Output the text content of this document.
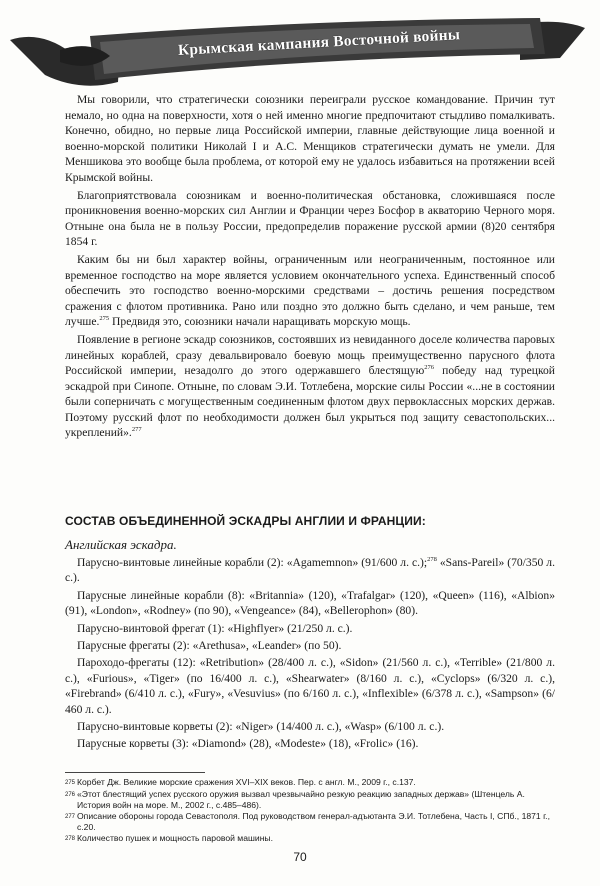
Крымская кампания Восточной войны

Мы говорили, что стратегически союзники переиграли русское командование. Причин тут немало, но одна на поверхности, хотя о ней именно многие предпочитают стыдливо помалкивать. Конечно, обидно, но первые лица Российской империи, главные действующие лица военной и военно-морской политики Николай I и А.С. Менщиков стратегически думать не умели. Для Меншикова это вообще была проблема, от которой ему не удалось избавиться на протяжении всей Крымской войны.

Благоприятствовала союзникам и военно-политическая обстановка, сложившаяся после проникновения военно-морских сил Англии и Франции через Босфор в акваторию Черного моря. Отныне она была не в пользу России, предопределив поражение русской армии (8)20 сентября 1854 г.

Каким бы ни был характер войны, ограниченным или неограниченным, постоянное или временное господство на море является условием окончательного успеха. Единственный способ обеспечить это господство военно-морскими средствами – достичь решения посредством сражения с флотом противника. Рано или поздно это должно быть сделано, и чем раньше, тем лучше.$^{275}$ Предвидя это, союзники начали наращивать морскую мощь.

Появление в регионе эскадр союзников, состоявших из невиданного доселе количества паровых линейных кораблей, сразу девальвировало боевую мощь преимущественно парусного флота Российской империи, незадолго до этого одержавшего блестящую$^{276}$ победу над турецкой эскадрой при Синопе. Отныне, по словам Э.И. Тотлебена, морские силы России «...не в состоянии были соперничать с могущественным соединенным флотом двух первоклассных морских держав. Поэтому русский флот по необходимости должен был укрыться под защиту севастопольских... укреплений».$^{277}$

СОСТАВ ОБЪЕДИНЕННОЙ ЭСКАДРЫ АНГЛИИ И ФРАНЦИИ:
Английская эскадра.

Парусно-винтовые линейные корабли (2): «Agamemnon» (91/600 л. с.);$^{278}$ «Sans-Pareil» (70/350 л. с.).

Парусные линейные корабли (8): «Britannia» (120), «Trafalgar» (120), «Queen» (116), «Albion» (91), «London», «Rodney» (по 90), «Vengeance» (84), «Bellerophon» (80).

Парусно-винтовой фрегат (1): «Highflyer» (21/250 л. с.).

Парусные фрегаты (2): «Arethusa», «Leander» (по 50).

Пароходо-фрегаты (12): «Retribution» (28/400 л. с.), «Sidon» (21/560 л. с.), «Terrible» (21/800 л. с.), «Furious», «Tiger» (по 16/400 л. с.), «Shearwater» (8/160 л. с.), «Cyclops» (6/320 л. с.), «Firebrand» (6/410 л. с.), «Fury», «Vesuvius» (по 6/160 л. с.), «Inflexible» (6/378 л. с.), «Sampson» (6/ 460 л. с.).

Парусно-винтовые корветы (2): «Niger» (14/400 л. с.), «Wasp» (6/100 л. с.).

Парусные корветы (3): «Diamond» (28), «Modeste» (18), «Frolic» (16).

275 Корбет Дж. Великие морские сражения XVI–XIX веков. Пер. с англ. М., 2009 г., с.137.
276 «Этот блестящий успех русского оружия вызвал чрезвычайно резкую реакцию западных держав» (Штенцель А. История войн на море. М., 2002 г., с.485–486).
277 Описание обороны города Севастополя. Под руководством генерал-адъютанта Э.И. Тотлебена, Часть I, СПб., 1871 г., с.20.
278 Количество пушек и мощность паровой машины.
70
